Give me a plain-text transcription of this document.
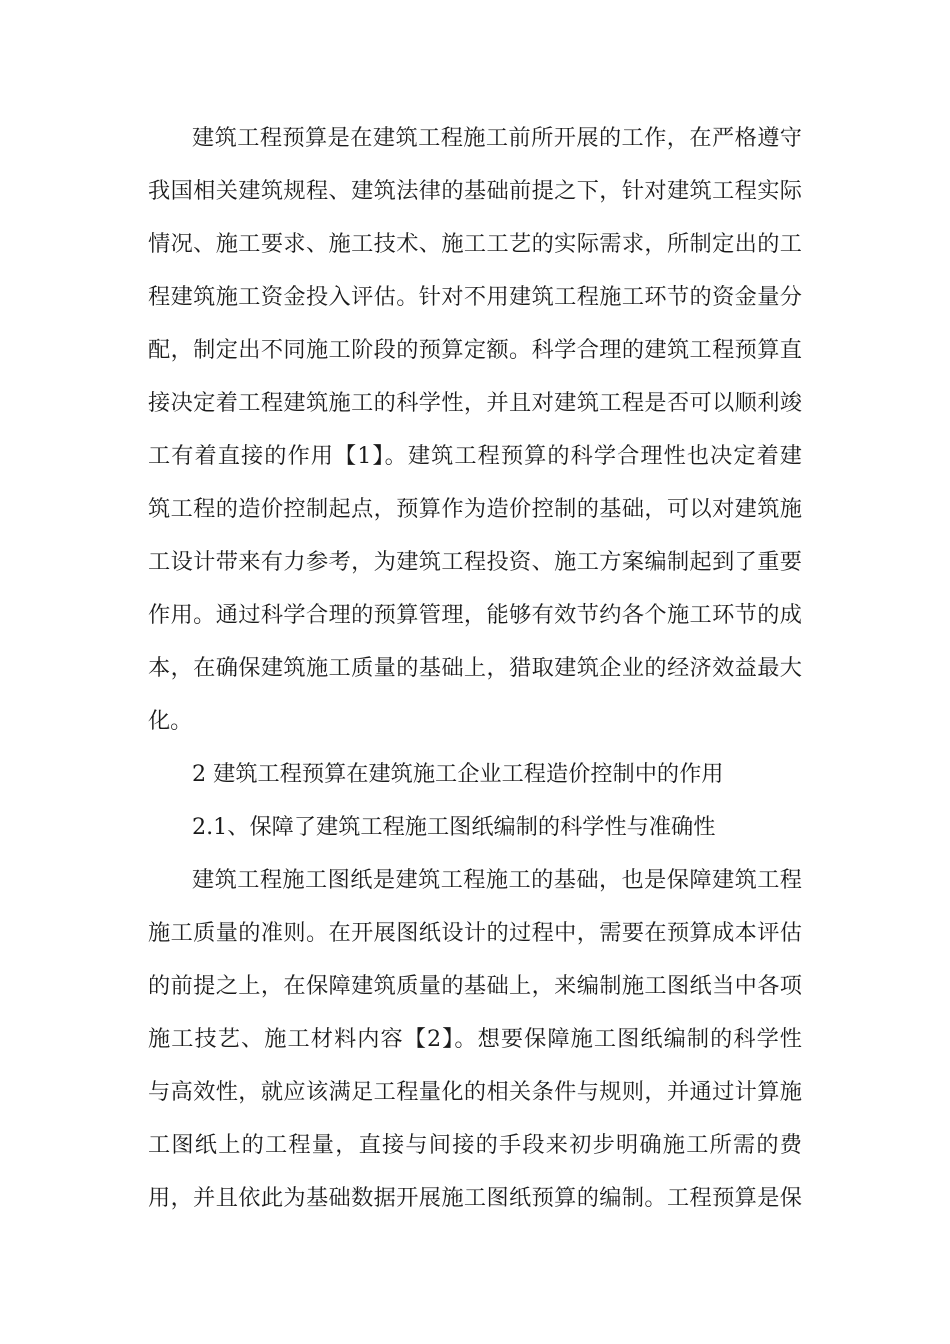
建筑工程预算是在建筑工程施工前所开展的工作，在严格遵守
我国相关建筑规程、建筑法律的基础前提之下，针对建筑工程实际
情况、施工要求、施工技术、施工工艺的实际需求，所制定出的工
程建筑施工资金投入评估。针对不用建筑工程施工环节的资金量分
配，制定出不同施工阶段的预算定额。科学合理的建筑工程预算直
接决定着工程建筑施工的科学性，并且对建筑工程是否可以顺利竣
工有着直接的作用【1】。建筑工程预算的科学合理性也决定着建
筑工程的造价控制起点，预算作为造价控制的基础，可以对建筑施
工设计带来有力参考，为建筑工程投资、施工方案编制起到了重要
作用。通过科学合理的预算管理，能够有效节约各个施工环节的成
本，在确保建筑施工质量的基础上，猎取建筑企业的经济效益最大
化。
2 建筑工程预算在建筑施工企业工程造价控制中的作用
2.1、保障了建筑工程施工图纸编制的科学性与准确性
建筑工程施工图纸是建筑工程施工的基础，也是保障建筑工程
施工质量的准则。在开展图纸设计的过程中，需要在预算成本评估
的前提之上，在保障建筑质量的基础上，来编制施工图纸当中各项
施工技艺、施工材料内容【2】。想要保障施工图纸编制的科学性
与高效性，就应该满足工程量化的相关条件与规则，并通过计算施
工图纸上的工程量，直接与间接的手段来初步明确施工所需的费
用，并且依此为基础数据开展施工图纸预算的编制。工程预算是保
